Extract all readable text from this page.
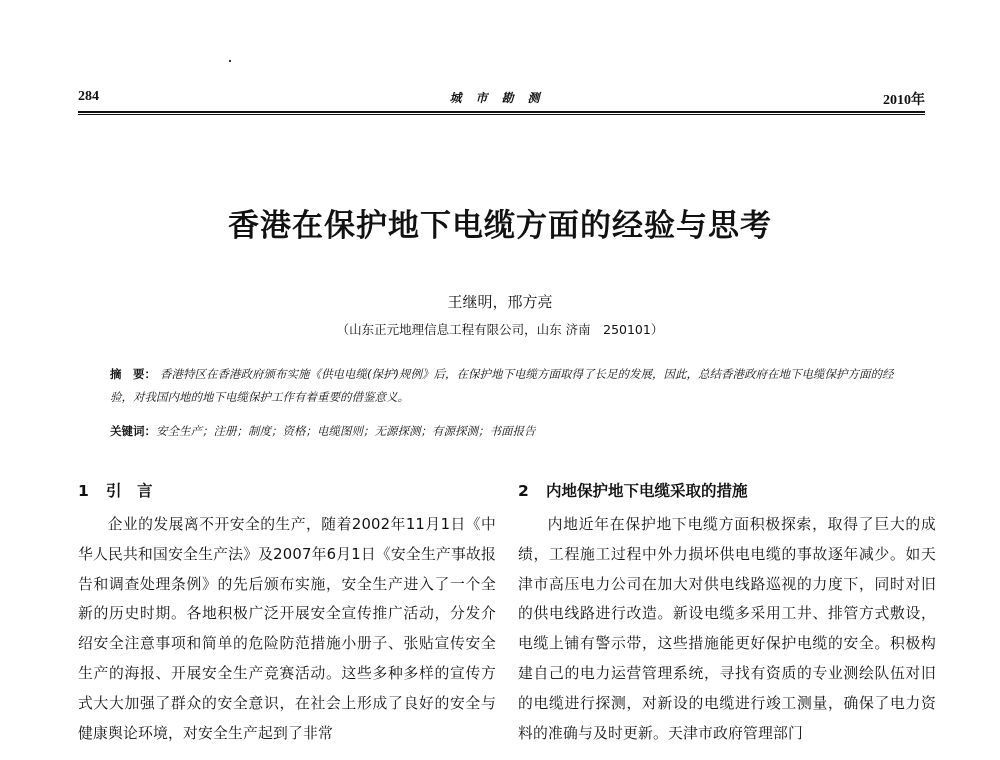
284	城市勘测	2010年
香港在保护地下电缆方面的经验与思考
王继明，邢方亮
（山东正元地理信息工程有限公司，山东 济南　250101）
摘　要： 香港特区在香港政府颁布实施《供电电缆(保护)规例》后，在保护地下电缆方面取得了长足的发展，因此，总结香港政府在地下电缆保护方面的经验，对我国内地的地下电缆保护工作有着重要的借鉴意义。
关键词：安全生产；注册；制度；资格；电缆图则；无源探测；有源探测；书面报告
1 引　言

企业的发展离不开安全的生产，随着2002年11月1日《中华人民共和国安全生产法》及2007年6月1日《安全生产事故报告和调查处理条例》的先后颁布实施，安全生产进入了一个全新的历史时期。各地积极广泛开展安全宣传推广活动，分发介绍安全注意事项和简单的危险防范措施小册子、张贴宣传安全生产的海报、开展安全生产竞赛活动。这些多种多样的宣传方式大大加强了群众的安全意识，在社会上形成了良好的安全与健康舆论环境，对安全生产起到了非常

2 内地保护地下电缆采取的措施

内地近年在保护地下电缆方面积极探索，取得了巨大的成绩，工程施工过程中外力损坏供电电缆的事故逐年减少。如天津市高压电力公司在加大对供电线路巡视的力度下，同时对旧的供电线路进行改造。新设电缆多采用工井、排管方式敷设，电缆上铺有警示带，这些措施能更好保护电缆的安全。积极构建自己的电力运营管理系统，寻找有资质的专业测绘队伍对旧的电缆进行探测，对新设的电缆进行竣工测量，确保了电力资料的准确与及时更新。天津市政府管理部门
